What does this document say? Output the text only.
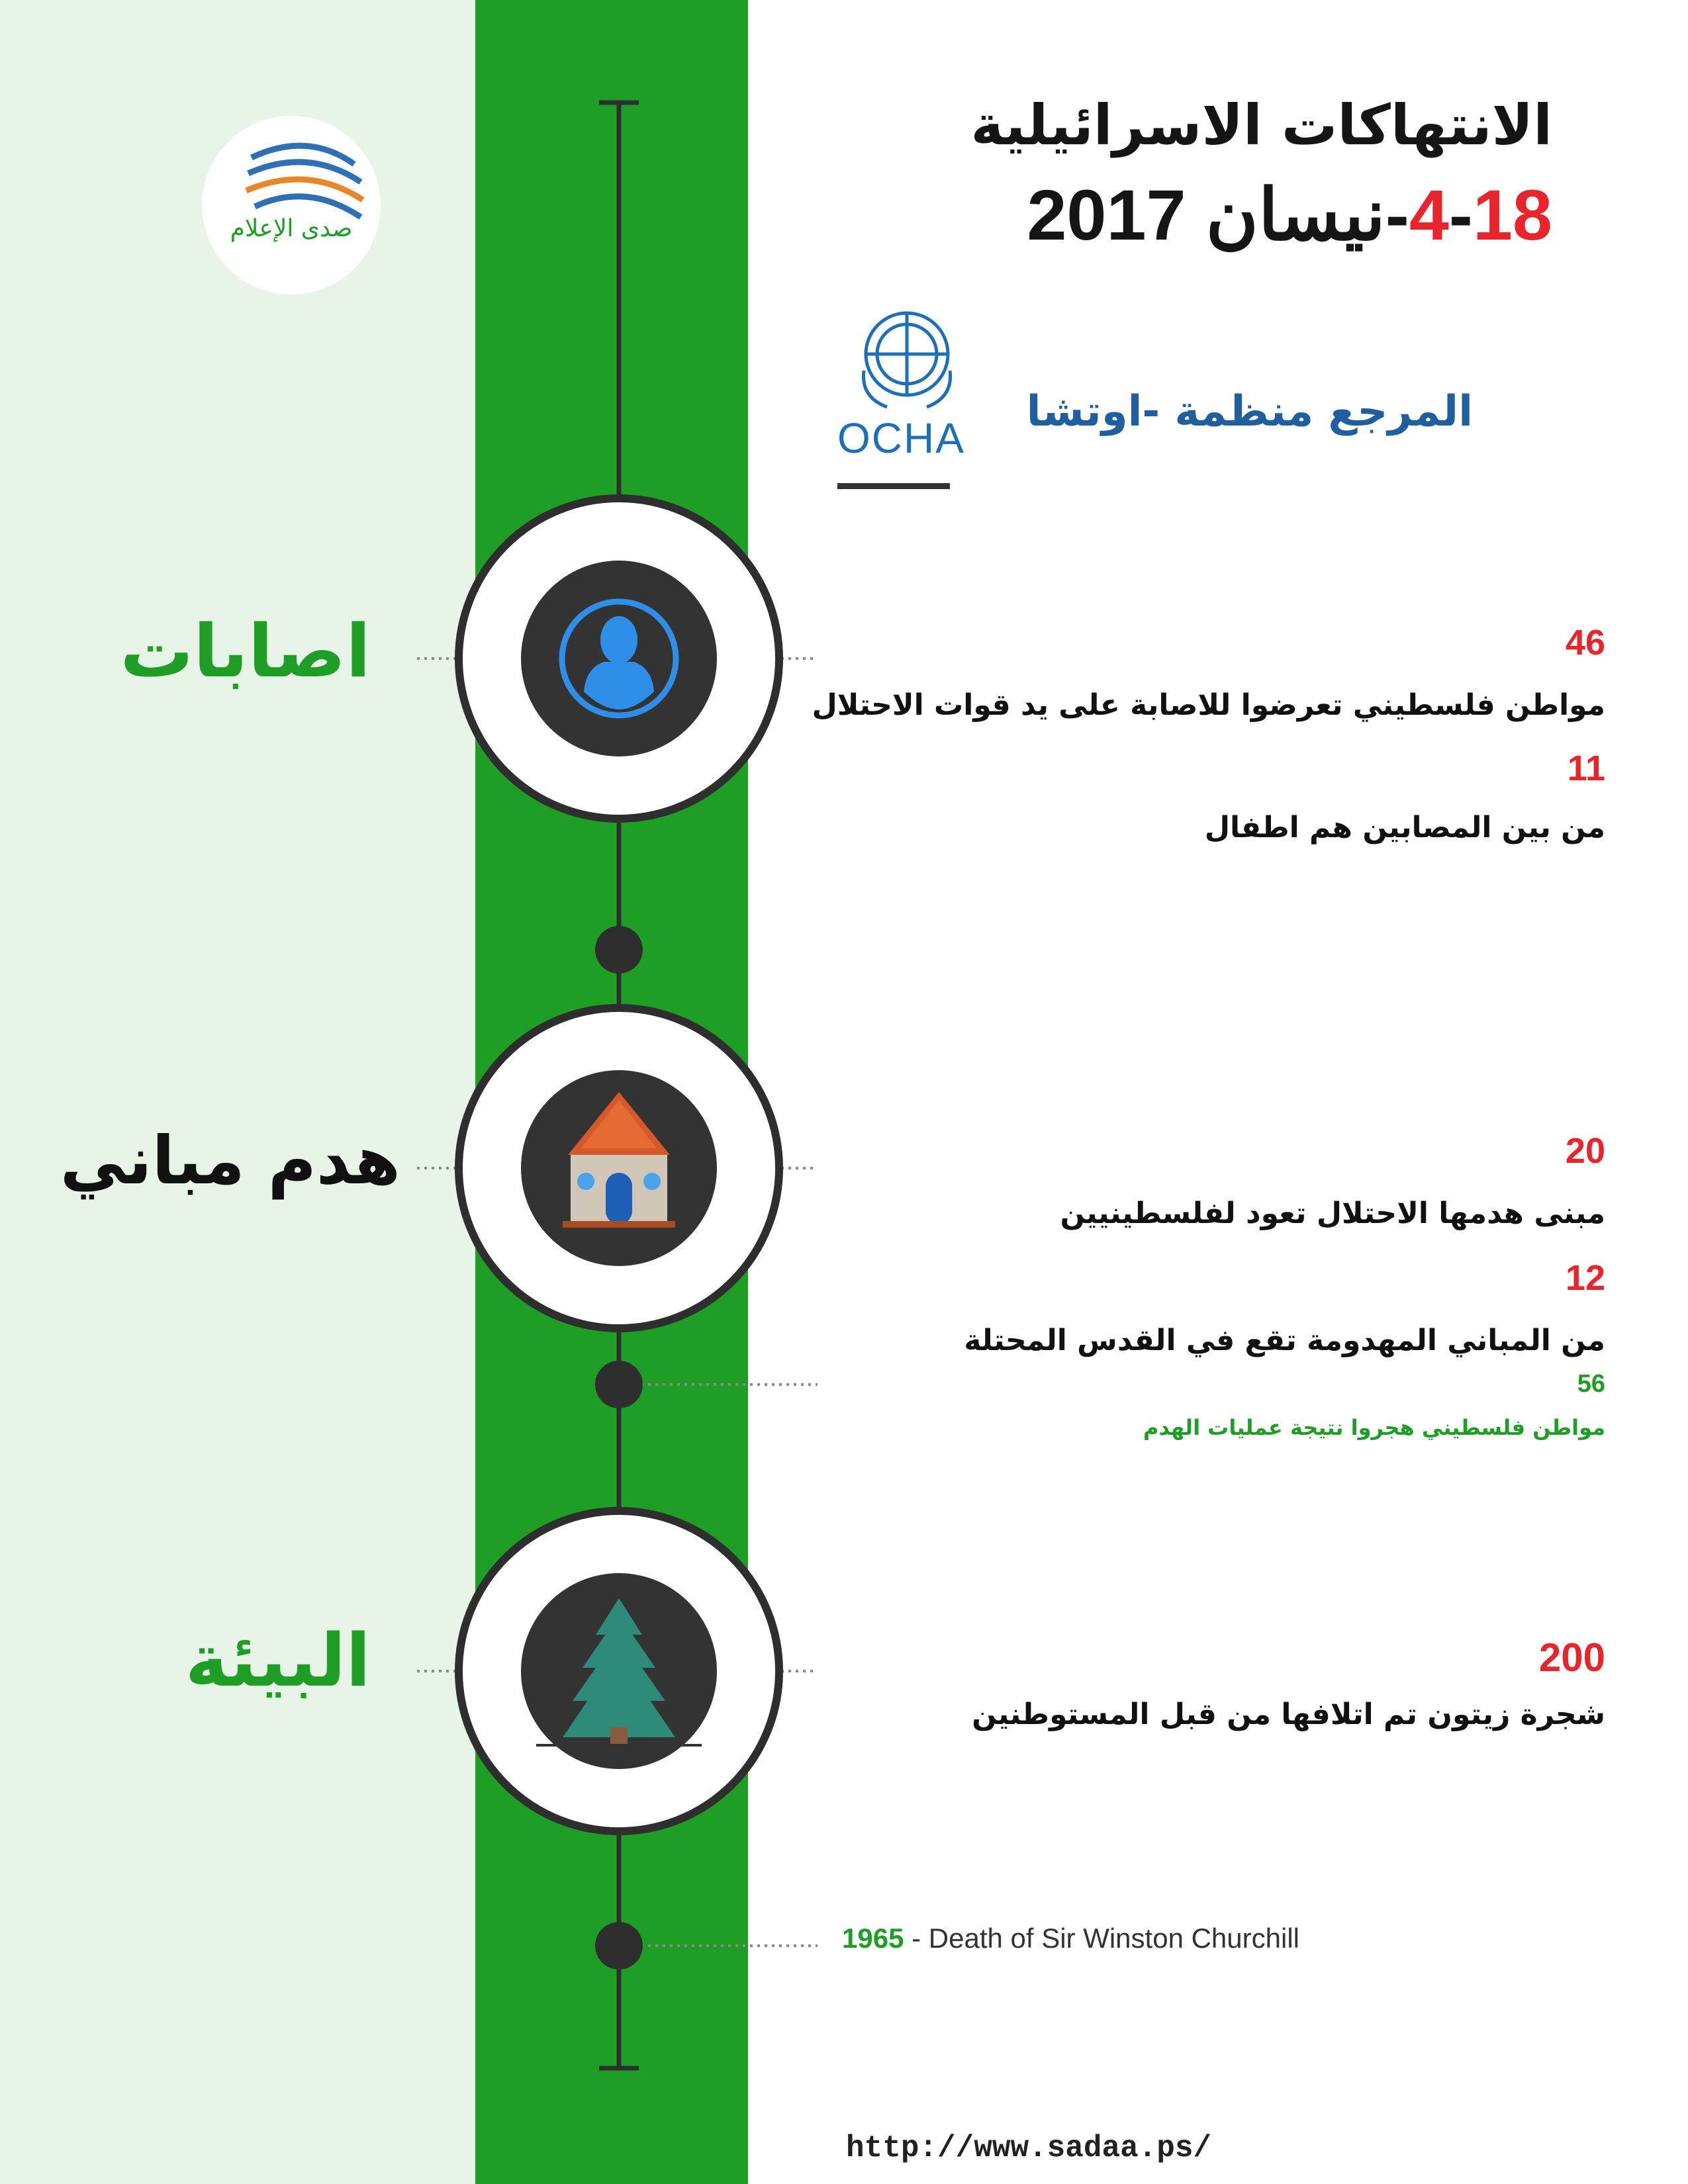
صدى الإعلام
الانتهاكات الاسرائيلية
4-18-نيسان 2017
OCHA
المرجع منظمة -اوتشا
اصابات
هدم مباني
البيئة
46
مواطن فلسطيني تعرضوا للاصابة على يد قوات الاحتلال
11
من بين المصابين هم اطفال
20
مبنى هدمها الاحتلال تعود لفلسطينيين
12
من المباني المهدومة تقع في القدس المحتلة
56
مواطن فلسطيني هجروا نتيجة عمليات الهدم
200
شجرة زيتون تم اتلافها من قبل المستوطنين
1965 - Death of Sir Winston Churchill
http://www.sadaa.ps/
